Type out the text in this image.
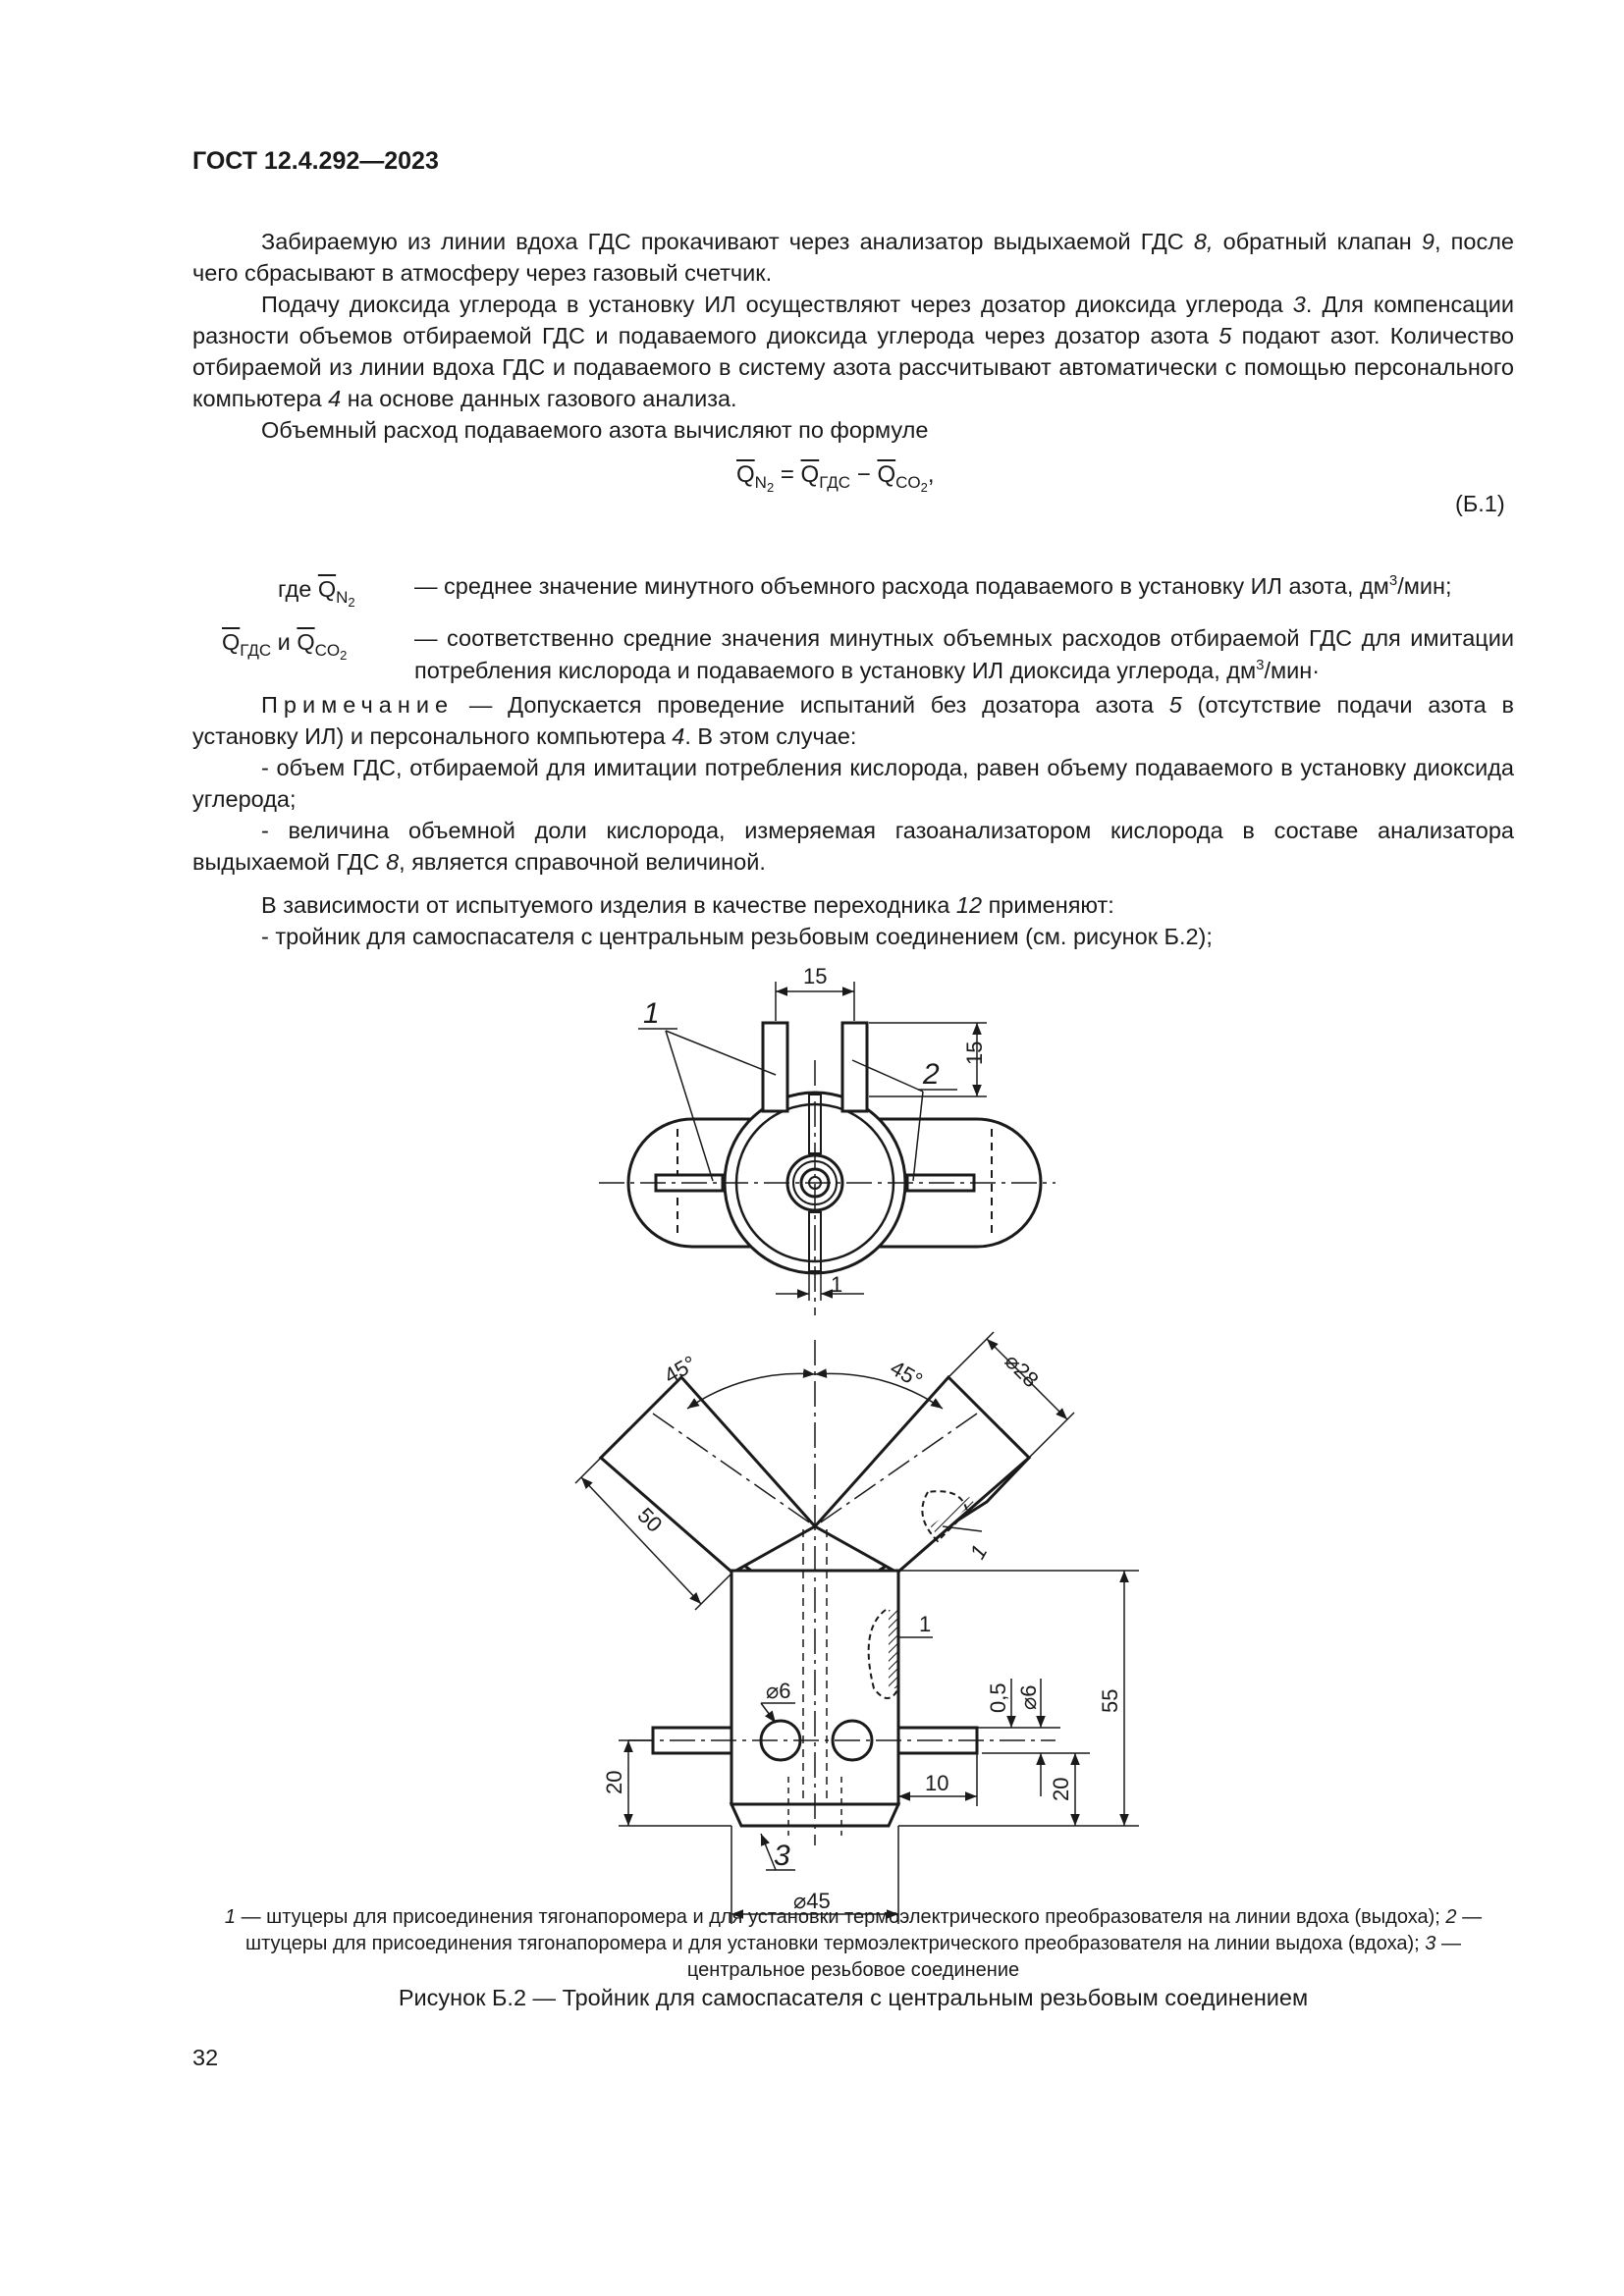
ГОСТ 12.4.292—2023

Забираемую из линии вдоха ГДС прокачивают через анализатор выдыхаемой ГДС 8, обратный клапан 9, после чего сбрасывают в атмосферу через газовый счетчик.

Подачу диоксида углерода в установку ИЛ осуществляют через дозатор диоксида углерода 3. Для компенсации разности объемов отбираемой ГДС и подаваемого диоксида углерода через дозатор азота 5 подают азот. Количество отбираемой из линии вдоха ГДС и подаваемого в систему азота рассчитывают автоматически с помощью персонального компьютера 4 на основе данных газового анализа.

Объемный расход подаваемого азота вычисляют по формуле

$\overline{Q}_{N2} = \overline{Q}_{ГДС} - \overline{Q}_{CO2}$,
(Б.1)
где $\overline{Q}_{N2}$
— среднее значение минутного объемного расхода подаваемого в установку ИЛ азота, $дм^3$/мин;
$\overline{Q}_{ГДС}$ и $\overline{Q}_{CO2}$
— соответственно средние значения минутных объемных расходов отбираемой ГДС для имитации потребления кислорода и подаваемого в установку ИЛ диоксида углерода, $дм^3/мин\cdot$

Примечание — Допускается проведение испытаний без дозатора азота 5 (отсутствие подачи азота в установку ИЛ) и персонального компьютера 4. В этом случае:

- объем ГДС, отбираемой для имитации потребления кислорода, равен объему подаваемого в установку диоксида углерода;

- величина объемной доли кислорода, измеряемая газоанализатором кислорода в составе анализатора выдыхаемой ГДС 8, является справочной величиной.

В зависимости от испытуемого изделия в качестве переходника 12 применяют:

- тройник для самоспасателя с центральным резьбовым соединением (см. рисунок Б.2);

15
15
1
1
2
45°	45°	⌀28
50
1
1
⌀6	0,5 ⌀6	55
10
20	20
⌀45
3
1 — штуцеры для присоединения тягонапоромера и для установки термоэлектрического преобразователя на линии вдоха (выдоха); 2 — штуцеры для присоединения тягонапоромера и для установки термоэлектрического преобразователя на линии выдоха (вдоха); 3 — центральное резьбовое соединение
Рисунок Б.2 — Тройник для самоспасателя с центральным резьбовым соединением
32
